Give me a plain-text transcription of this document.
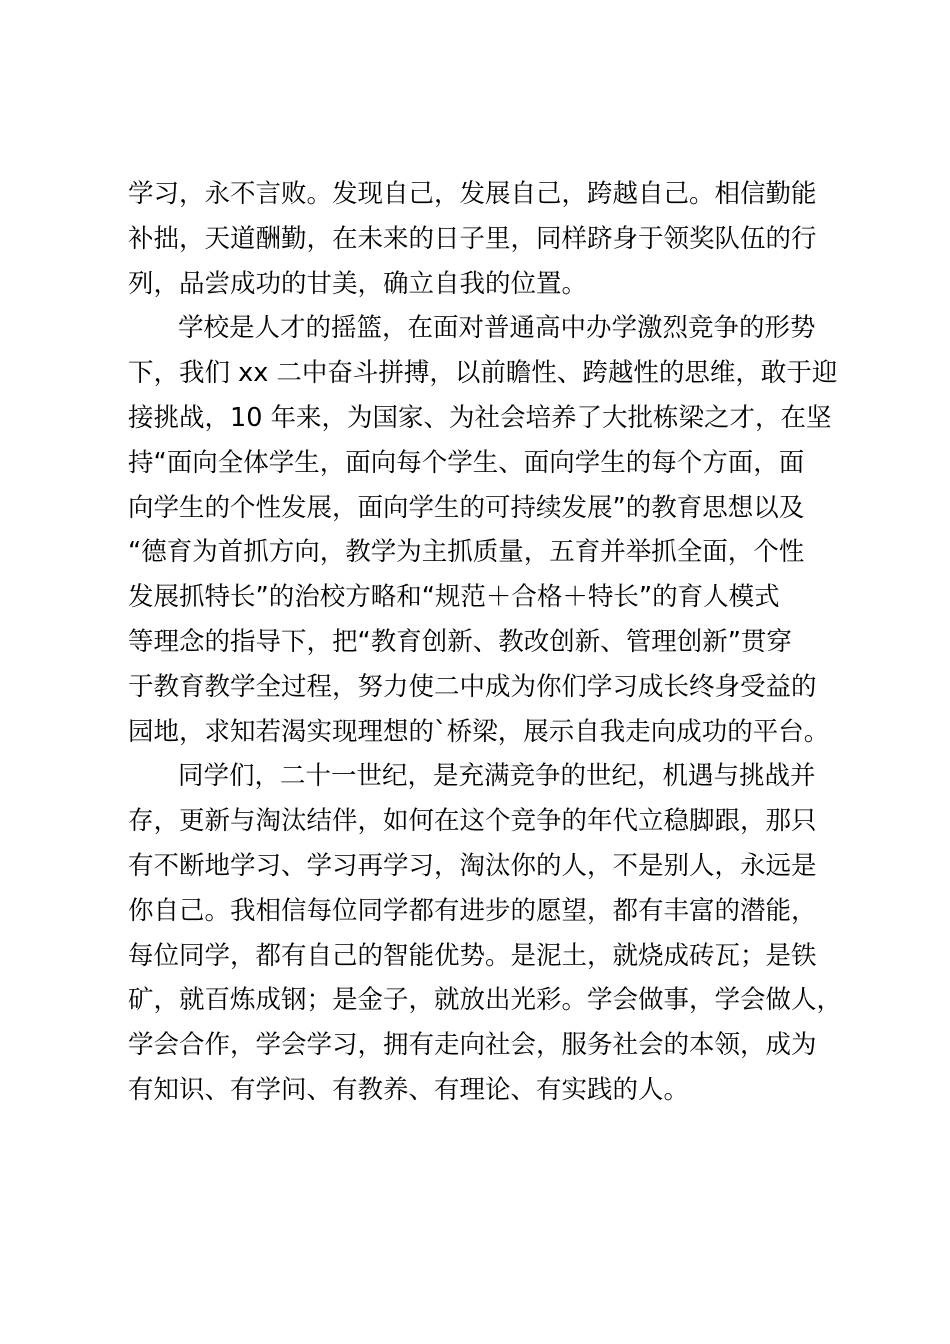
学习，永不言败。发现自己，发展自己，跨越自己。相信勤能
补拙，天道酬勤，在未来的日子里，同样跻身于领奖队伍的行
列，品尝成功的甘美，确立自我的位置。
学校是人才的摇篮，在面对普通高中办学激烈竞争的形势
下，我们 xx 二中奋斗拼搏，以前瞻性、跨越性的思维，敢于迎
接挑战，10 年来，为国家、为社会培养了大批栋梁之才，在坚
持“面向全体学生，面向每个学生、面向学生的每个方面，面
向学生的个性发展，面向学生的可持续发展”的教育思想以及
“德育为首抓方向，教学为主抓质量，五育并举抓全面，个性
发展抓特长”的治校方略和“规范＋合格＋特长”的育人模式
等理念的指导下，把“教育创新、教改创新、管理创新”贯穿
于教育教学全过程，努力使二中成为你们学习成长终身受益的
园地，求知若渴实现理想的`桥梁，展示自我走向成功的平台。
同学们，二十一世纪，是充满竞争的世纪，机遇与挑战并
存，更新与淘汰结伴，如何在这个竞争的年代立稳脚跟，那只
有不断地学习、学习再学习，淘汰你的人，不是别人，永远是
你自己。我相信每位同学都有进步的愿望，都有丰富的潜能，
每位同学，都有自己的智能优势。是泥土，就烧成砖瓦；是铁
矿，就百炼成钢；是金子，就放出光彩。学会做事，学会做人，
学会合作，学会学习，拥有走向社会，服务社会的本领，成为
有知识、有学问、有教养、有理论、有实践的人。
